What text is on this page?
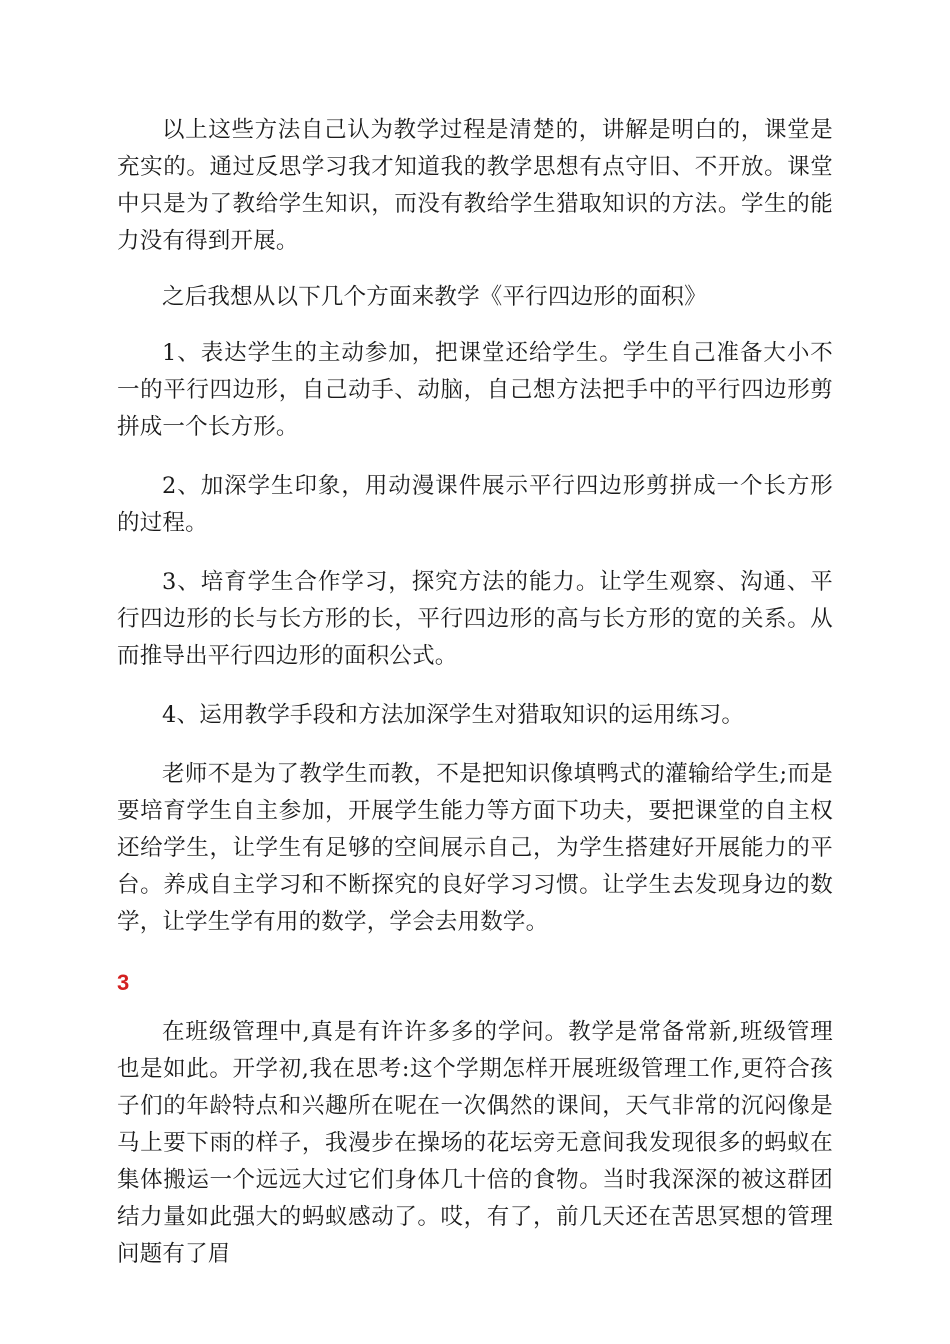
以上这些方法自己认为教学过程是清楚的，讲解是明白的，课堂是充实的。通过反思学习我才知道我的教学思想有点守旧、不开放。课堂中只是为了教给学生知识，而没有教给学生猎取知识的方法。学生的能力没有得到开展。

之后我想从以下几个方面来教学《平行四边形的面积》

1、表达学生的主动参加，把课堂还给学生。学生自己准备大小不一的平行四边形，自己动手、动脑，自己想方法把手中的平行四边形剪拼成一个长方形。

2、加深学生印象，用动漫课件展示平行四边形剪拼成一个长方形的过程。

3、培育学生合作学习，探究方法的能力。让学生观察、沟通、平行四边形的长与长方形的长，平行四边形的高与长方形的宽的关系。从而推导出平行四边形的面积公式。

4、运用教学手段和方法加深学生对猎取知识的运用练习。

老师不是为了教学生而教，不是把知识像填鸭式的灌输给学生;而是要培育学生自主参加，开展学生能力等方面下功夫，要把课堂的自主权还给学生，让学生有足够的空间展示自己，为学生搭建好开展能力的平台。养成自主学习和不断探究的良好学习习惯。让学生去发现身边的数学，让学生学有用的数学，学会去用数学。

3

在班级管理中,真是有许许多多的学问。教学是常备常新,班级管理也是如此。开学初,我在思考:这个学期怎样开展班级管理工作,更符合孩子们的年龄特点和兴趣所在呢在一次偶然的课间，天气非常的沉闷像是马上要下雨的样子，我漫步在操场的花坛旁无意间我发现很多的蚂蚁在集体搬运一个远远大过它们身体几十倍的食物。当时我深深的被这群团结力量如此强大的蚂蚁感动了。哎，有了，前几天还在苦思冥想的管理问题有了眉
